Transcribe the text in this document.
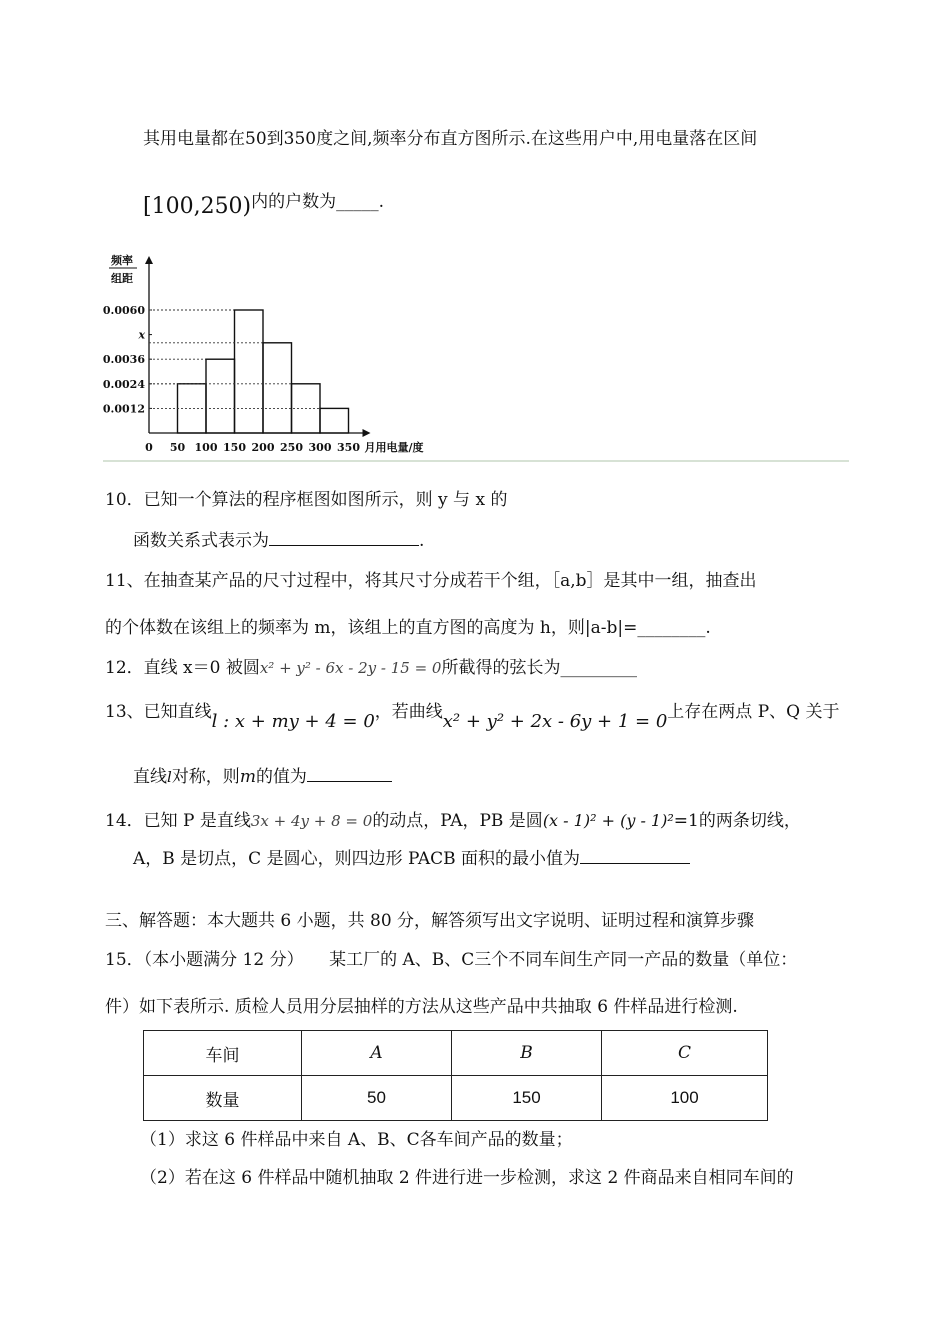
其用电量都在50到350度之间,频率分布直方图所示.在这些用户中,用电量落在区间
[100,250)内的户数为_____.
频率
组距
0.0060
x
0.0036
0.0024
0.0012
0 50 100 150 200 250 300 350 月用电量/度
10．已知一个算法的程序框图如图所示，则 y 与 x 的
函数关系式表示为	.
11、在抽查某产品的尺寸过程中，将其尺寸分成若干个组，［a,b］是其中一组，抽查出
的个体数在该组上的频率为 m，该组上的直方图的高度为 h，则|a-b|=________.
12．直线 x＝0 被圆x² + y² - 6x - 2y - 15 = 0所截得的弦长为_________
13、已知直线l : x + my + 4 = 0，若曲线x² + y² + 2x - 6y + 1 = 0上存在两点 P、Q 关于
直线l对称，则m的值为
14．已知 P 是直线3x + 4y + 8 = 0的动点，PA，PB 是圆(x - 1)² + (y - 1)²=1的两条切线，
A，B 是切点，C 是圆心，则四边形 PACB 面积的最小值为
三、解答题：本大题共 6 小题，共 80 分，解答须写出文字说明、证明过程和演算步骤
15．（本小题满分 12 分）　　某工厂的 A、B、C三个不同车间生产同一产品的数量（单位：
件）如下表所示. 质检人员用分层抽样的方法从这些产品中共抽取 6 件样品进行检测.
车间	A	B	C
数量	50	150	100
（1）求这 6 件样品中来自 A、B、C各车间产品的数量；
（2）若在这 6 件样品中随机抽取 2 件进行进一步检测，求这 2 件商品来自相同车间的
